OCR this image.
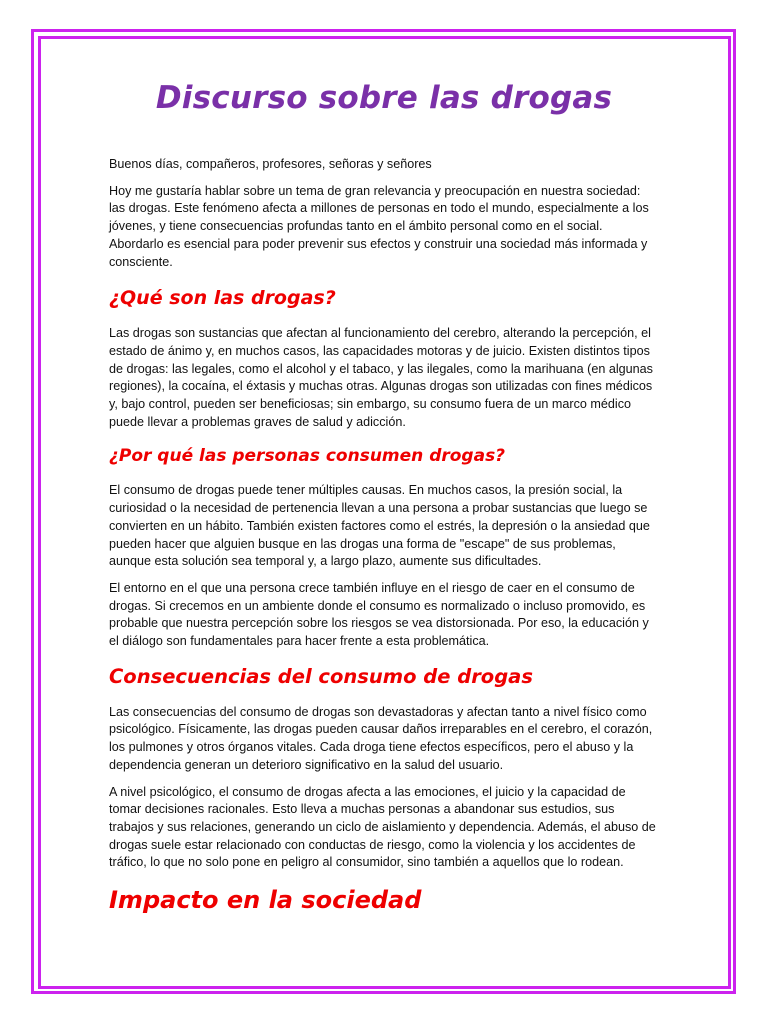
Discurso sobre las drogas

Buenos días, compañeros, profesores, señoras y señores

Hoy me gustaría hablar sobre un tema de gran relevancia y preocupación en nuestra sociedad: las drogas. Este fenómeno afecta a millones de personas en todo el mundo, especialmente a los jóvenes, y tiene consecuencias profundas tanto en el ámbito personal como en el social. Abordarlo es esencial para poder prevenir sus efectos y construir una sociedad más informada y consciente.

¿Qué son las drogas?

Las drogas son sustancias que afectan al funcionamiento del cerebro, alterando la percepción, el estado de ánimo y, en muchos casos, las capacidades motoras y de juicio. Existen distintos tipos de drogas: las legales, como el alcohol y el tabaco, y las ilegales, como la marihuana (en algunas regiones), la cocaína, el éxtasis y muchas otras. Algunas drogas son utilizadas con fines médicos y, bajo control, pueden ser beneficiosas; sin embargo, su consumo fuera de un marco médico puede llevar a problemas graves de salud y adicción.

¿Por qué las personas consumen drogas?

El consumo de drogas puede tener múltiples causas. En muchos casos, la presión social, la curiosidad o la necesidad de pertenencia llevan a una persona a probar sustancias que luego se convierten en un hábito. También existen factores como el estrés, la depresión o la ansiedad que pueden hacer que alguien busque en las drogas una forma de "escape" de sus problemas, aunque esta solución sea temporal y, a largo plazo, aumente sus dificultades.

El entorno en el que una persona crece también influye en el riesgo de caer en el consumo de drogas. Si crecemos en un ambiente donde el consumo es normalizado o incluso promovido, es probable que nuestra percepción sobre los riesgos se vea distorsionada. Por eso, la educación y el diálogo son fundamentales para hacer frente a esta problemática.

Consecuencias del consumo de drogas

Las consecuencias del consumo de drogas son devastadoras y afectan tanto a nivel físico como psicológico. Físicamente, las drogas pueden causar daños irreparables en el cerebro, el corazón, los pulmones y otros órganos vitales. Cada droga tiene efectos específicos, pero el abuso y la dependencia generan un deterioro significativo en la salud del usuario.

A nivel psicológico, el consumo de drogas afecta a las emociones, el juicio y la capacidad de tomar decisiones racionales. Esto lleva a muchas personas a abandonar sus estudios, sus trabajos y sus relaciones, generando un ciclo de aislamiento y dependencia. Además, el abuso de drogas suele estar relacionado con conductas de riesgo, como la violencia y los accidentes de tráfico, lo que no solo pone en peligro al consumidor, sino también a aquellos que lo rodean.

Impacto en la sociedad
